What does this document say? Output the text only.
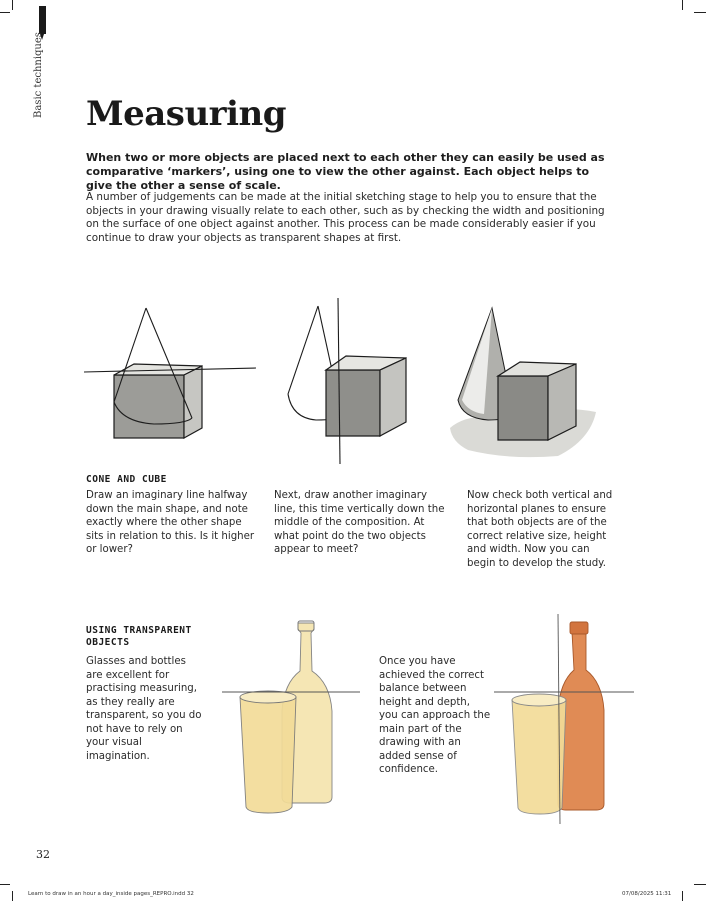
Basic techniques Measuring
When two or more objects are placed next to each other they can easily be used as comparative ‘markers’, using one to view the other against. Each object helps to give the other a sense of scale.
A number of judgements can be made at the initial sketching stage to help you to ensure that the objects in your drawing visually relate to each other, such as by checking the width and positioning on the surface of one object against another. This process can be made considerably easier if you continue to draw your objects as transparent shapes at first.
CONE AND CUBE
Draw an imaginary line halfway down the main shape, and note exactly where the other shape sits in relation to this. Is it higher or lower?
Next, draw another imaginary line, this time vertically down the middle of the composition. At what point do the two objects appear to meet?
Now check both vertical and horizontal planes to ensure that both objects are of the correct relative size, height and width. Now you can begin to develop the study.
USING TRANSPARENT OBJECTS
Glasses and bottles are excellent for practising measuring, as they really are transparent, so you do not have to rely on your visual imagination.
Once you have achieved the correct balance between height and depth, you can approach the main part of the drawing with an added sense of confidence.
32
Learn to draw in an hour a day_inside pages_REPRO.indd 32	07/08/2025 11:31
